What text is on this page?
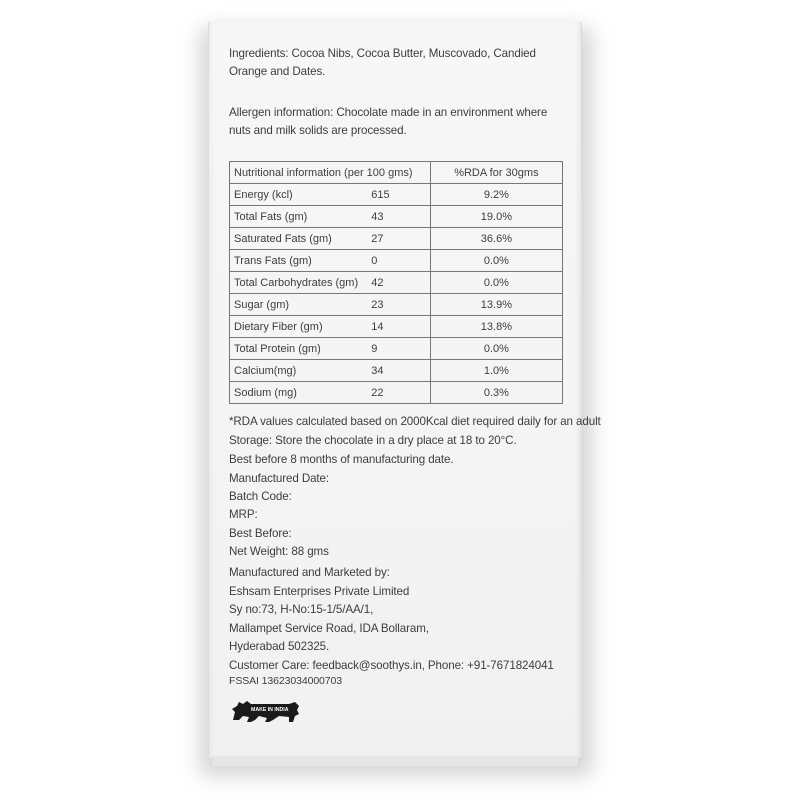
Ingredients: Cocoa Nibs, Cocoa Butter, Muscovado, Candied Orange and Dates.
Allergen information: Chocolate made in an environment where nuts and milk solids are processed.
Nutritional information (per 100 gms)		%RDA for 30gms
Energy (kcl)	615	9.2%
Total Fats (gm)	43	19.0%
Saturated Fats (gm)	27	36.6%
Trans Fats (gm)	0	0.0%
Total Carbohydrates (gm)	42	0.0%
Sugar (gm)	23	13.9%
Dietary Fiber (gm)	14	13.8%
Total Protein (gm)	9	0.0%
Calcium(mg)	34	1.0%
Sodium (mg)	22	0.3%
*RDA values calculated based on 2000Kcal diet required daily for an adult
Storage: Store the chocolate in a dry place at 18 to 20°C.
Best before 8 months of manufacturing date.
Manufactured Date:
Batch Code:
MRP:
Best Before:
Net Weight: 88 gms
Manufactured and Marketed by:
Eshsam Enterprises Private Limited
Sy no:73, H-No:15-1/5/AA/1,
Mallampet Service Road, IDA Bollaram,
Hyderabad 502325.
Customer Care: feedback@soothys.in, Phone: +91-7671824041
FSSAI 13623034000703
MAKE IN INDIA
